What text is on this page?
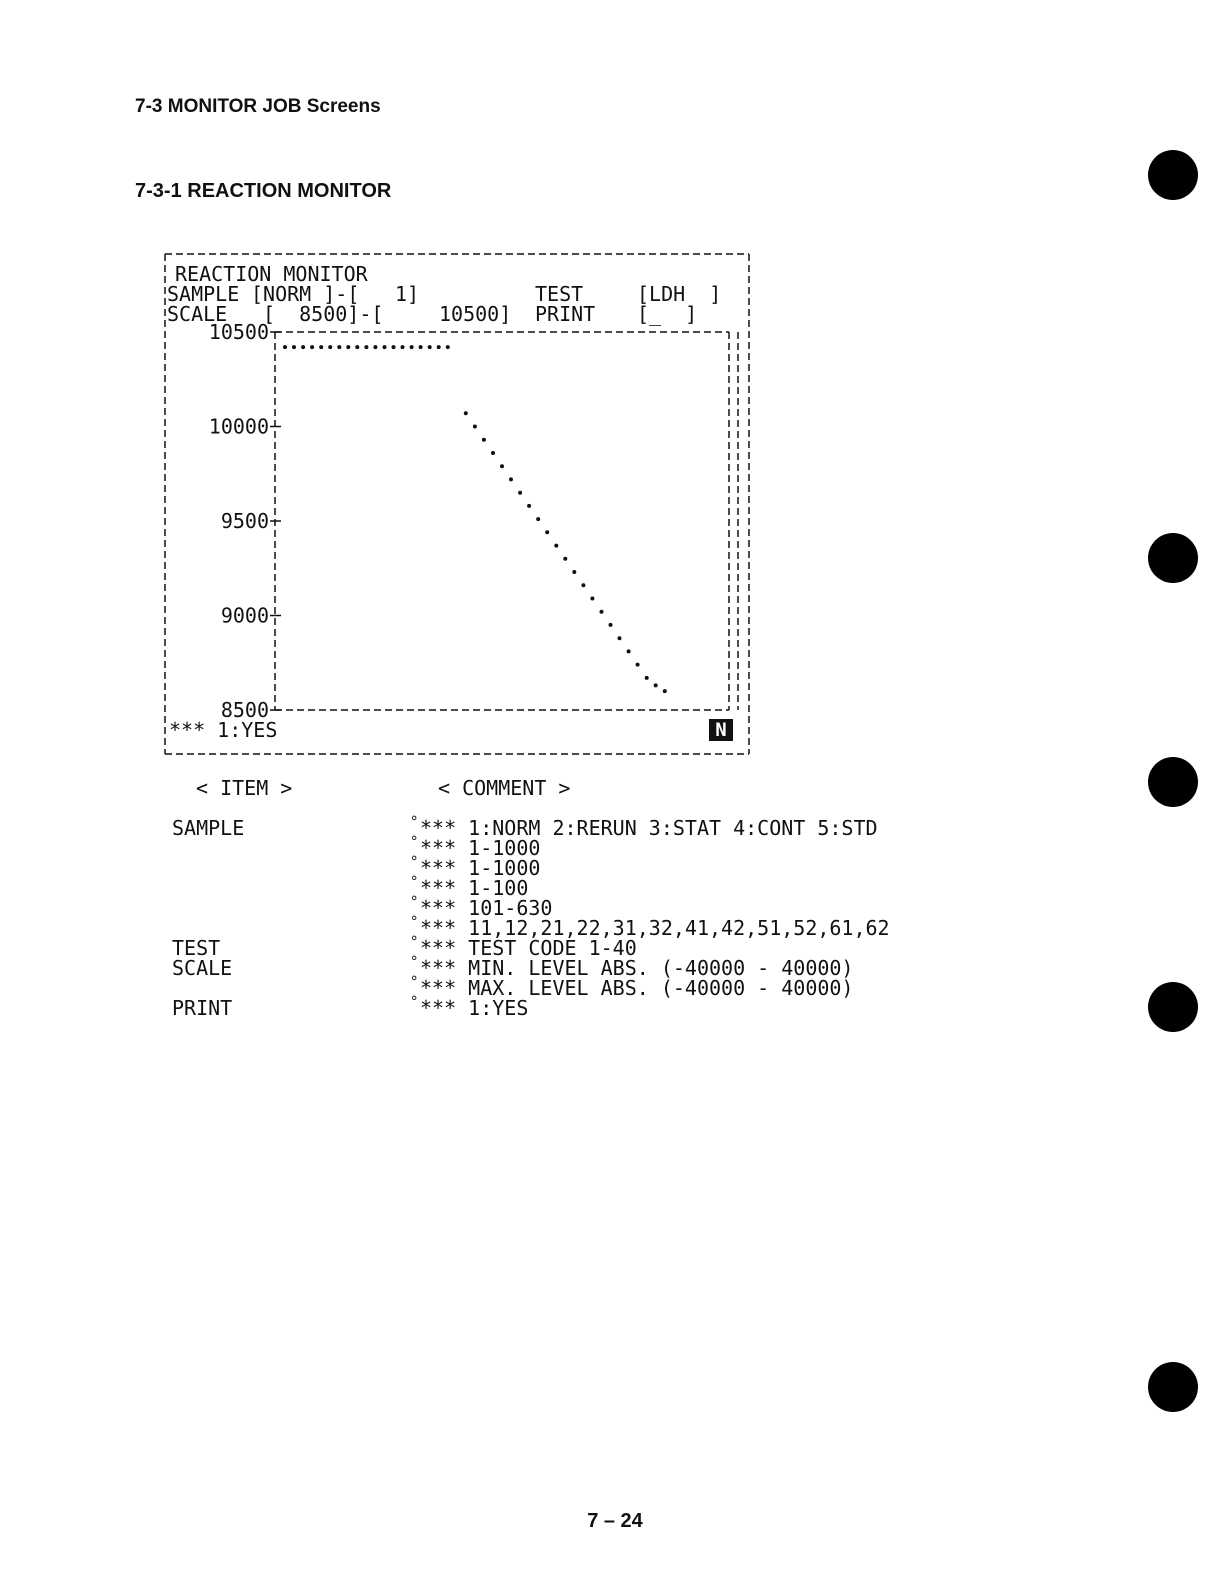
7-3 MONITOR JOB Screens
7-3-1 REACTION MONITOR
10500
10000
9500
9000
8500
REACTION MONITOR
SAMPLE [NORM ]-[ 1]	TEST	[LDH  ]
SCALE [  8500]-[	10500] PRINT [_  ]
*** 1:YES	N
< ITEM >	< COMMENT >
SAMPLE	° *** 1:NORM 2:RERUN 3:STAT 4:CONT 5:STD
° *** 1-1000
° *** 1-1000
° *** 1-100
° *** 101-630
° *** 11,12,21,22,31,32,41,42,51,52,61,62
TEST	° *** TEST CODE 1-40
SCALE	° *** MIN. LEVEL ABS. (-40000 - 40000)
° *** MAX. LEVEL ABS. (-40000 - 40000)
PRINT	° *** 1:YES
7 – 24
